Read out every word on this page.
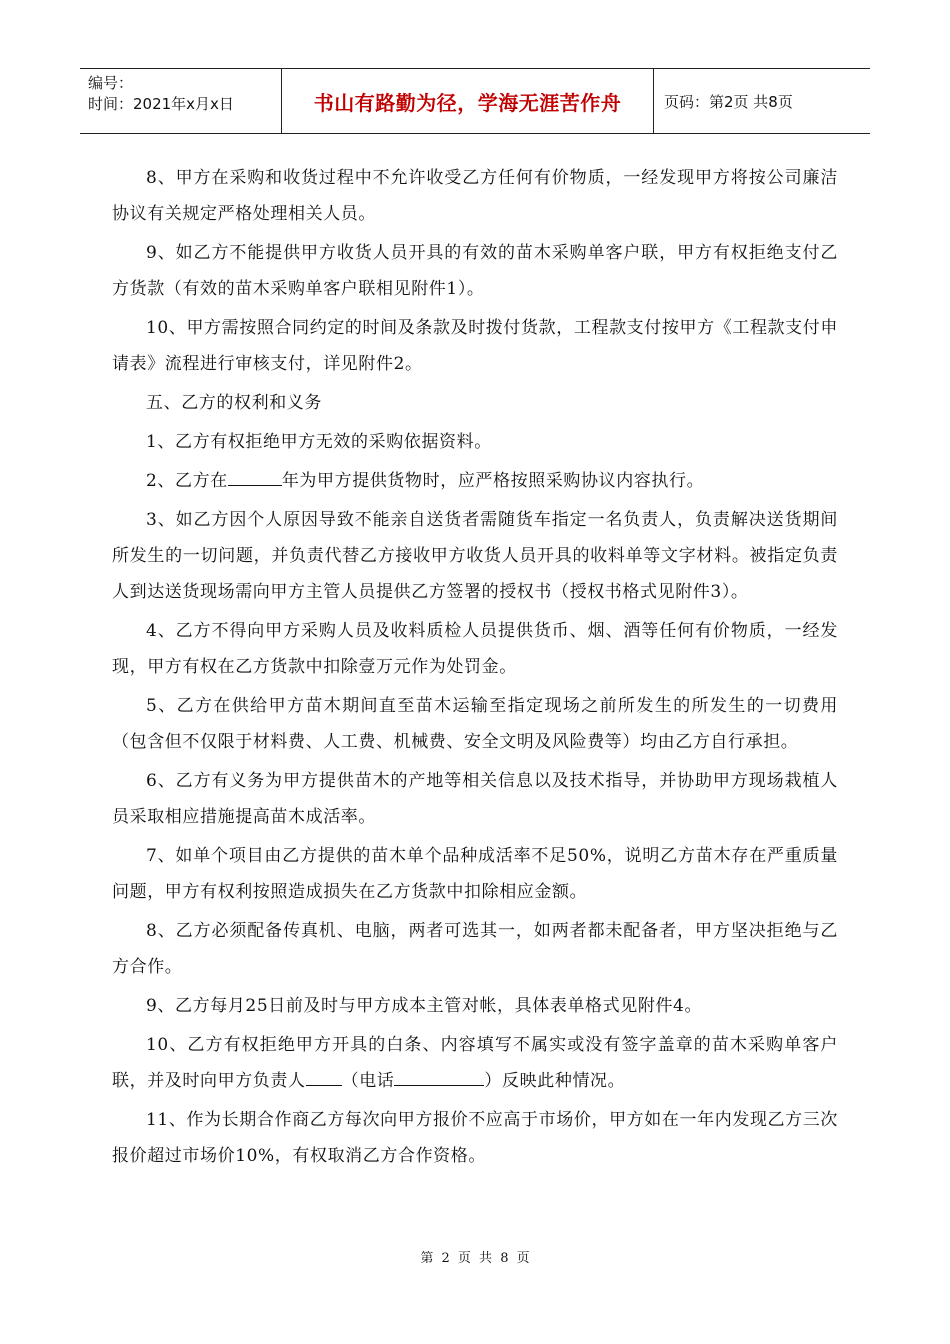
编号：
时间：2021年x月x日	书山有路勤为径，学海无涯苦作舟	页码：第2页 共8页

8、甲方在采购和收货过程中不允许收受乙方任何有价物质，一经发现甲方将按公司廉洁协议有关规定严格处理相关人员。

9、如乙方不能提供甲方收货人员开具的有效的苗木采购单客户联，甲方有权拒绝支付乙方货款（有效的苗木采购单客户联相见附件1）。

10、甲方需按照合同约定的时间及条款及时拨付货款，工程款支付按甲方《工程款支付申请表》流程进行审核支付，详见附件2。

五、乙方的权利和义务

1、乙方有权拒绝甲方无效的采购依据资料。

2、乙方在	年为甲方提供货物时，应严格按照采购协议内容执行。

3、如乙方因个人原因导致不能亲自送货者需随货车指定一名负责人，负责解决送货期间所发生的一切问题，并负责代替乙方接收甲方收货人员开具的收料单等文字材料。被指定负责人到达送货现场需向甲方主管人员提供乙方签署的授权书（授权书格式见附件3）。

4、乙方不得向甲方采购人员及收料质检人员提供货币、烟、酒等任何有价物质，一经发现，甲方有权在乙方货款中扣除壹万元作为处罚金。

5、乙方在供给甲方苗木期间直至苗木运输至指定现场之前所发生的所发生的一切费用（包含但不仅限于材料费、人工费、机械费、安全文明及风险费等）均由乙方自行承担。

6、乙方有义务为甲方提供苗木的产地等相关信息以及技术指导，并协助甲方现场栽植人员采取相应措施提高苗木成活率。

7、如单个项目由乙方提供的苗木单个品种成活率不足50%，说明乙方苗木存在严重质量问题，甲方有权利按照造成损失在乙方货款中扣除相应金额。

8、乙方必须配备传真机、电脑，两者可选其一，如两者都未配备者，甲方坚决拒绝与乙方合作。

9、乙方每月25日前及时与甲方成本主管对帐，具体表单格式见附件4。

10、乙方有权拒绝甲方开具的白条、内容填写不属实或没有签字盖章的苗木采购单客户联，并及时向甲方负责人 （电话	）反映此种情况。

11、作为长期合作商乙方每次向甲方报价不应高于市场价，甲方如在一年内发现乙方三次报价超过市场价10%，有权取消乙方合作资格。

第 2 页 共 8 页
